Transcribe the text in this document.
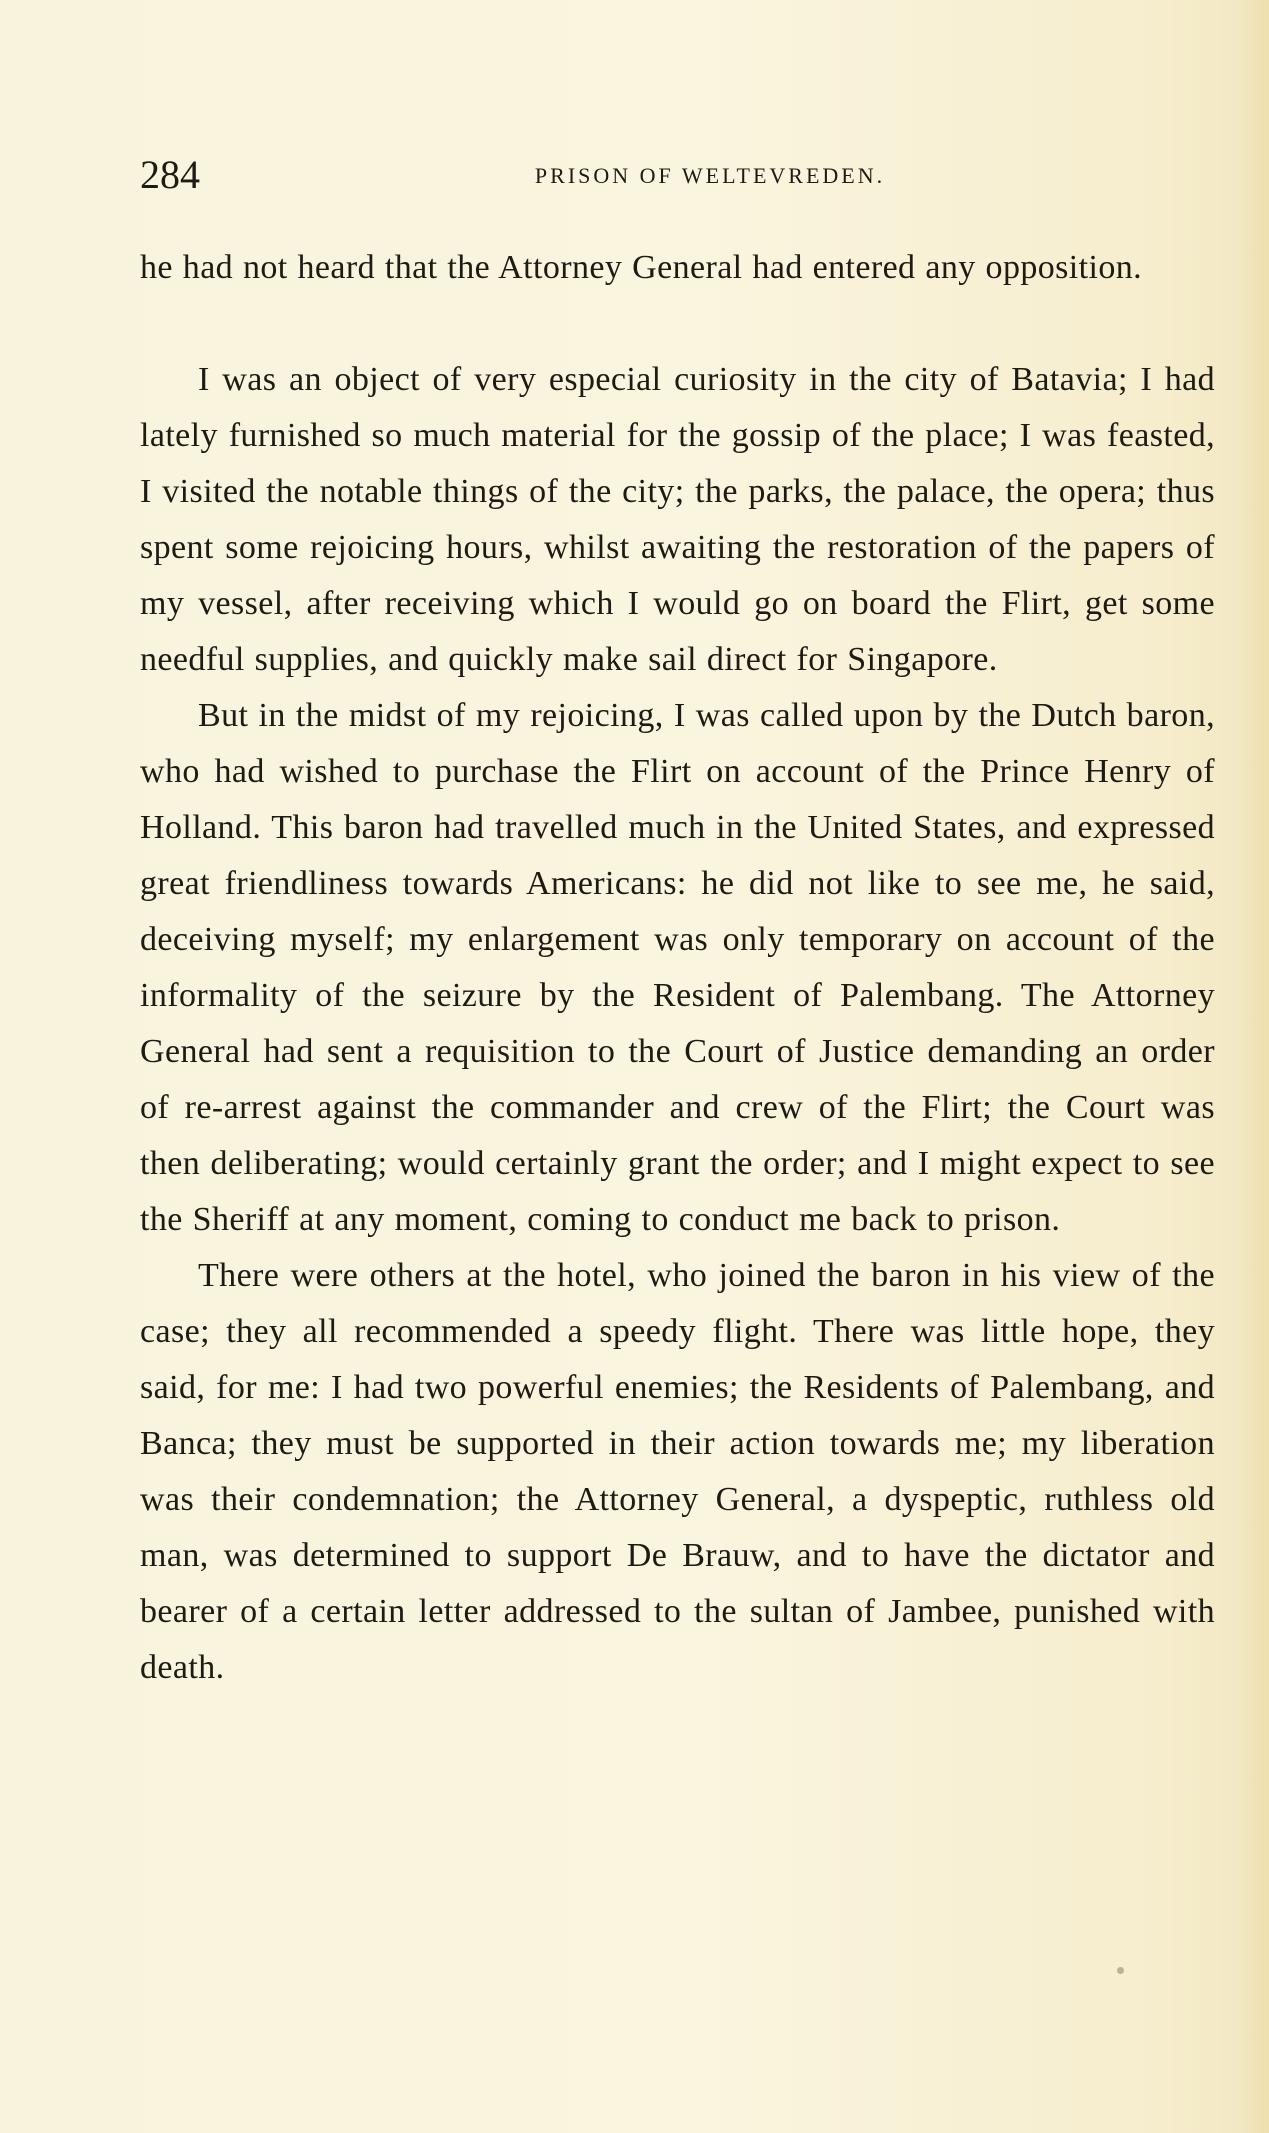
284	PRISON OF WELTEVREDEN.

he had not heard that the Attorney General had entered any opposition.

I was an object of very especial curiosity in the city of Batavia; I had lately furnished so much material for the gossip of the place; I was feasted, I visited the notable things of the city; the parks, the palace, the opera; thus spent some rejoicing hours, whilst awaiting the restoration of the papers of my vessel, after receiving which I would go on board the Flirt, get some needful supplies, and quickly make sail direct for Singapore.

But in the midst of my rejoicing, I was called upon by the Dutch baron, who had wished to purchase the Flirt on account of the Prince Henry of Holland. This baron had travelled much in the United States, and expressed great friendliness towards Americans: he did not like to see me, he said, deceiving myself; my enlargement was only temporary on account of the informality of the seizure by the Resident of Palembang. The Attorney General had sent a requisition to the Court of Justice demanding an order of re-arrest against the commander and crew of the Flirt; the Court was then deliberating; would certainly grant the order; and I might expect to see the Sheriff at any moment, coming to conduct me back to prison.

There were others at the hotel, who joined the baron in his view of the case; they all recommended a speedy flight. There was little hope, they said, for me: I had two powerful enemies; the Residents of Palembang, and Banca; they must be supported in their action towards me; my liberation was their condemnation; the Attorney General, a dyspeptic, ruthless old man, was determined to support De Brauw, and to have the dictator and bearer of a certain letter addressed to the sultan of Jambee, punished with death.
